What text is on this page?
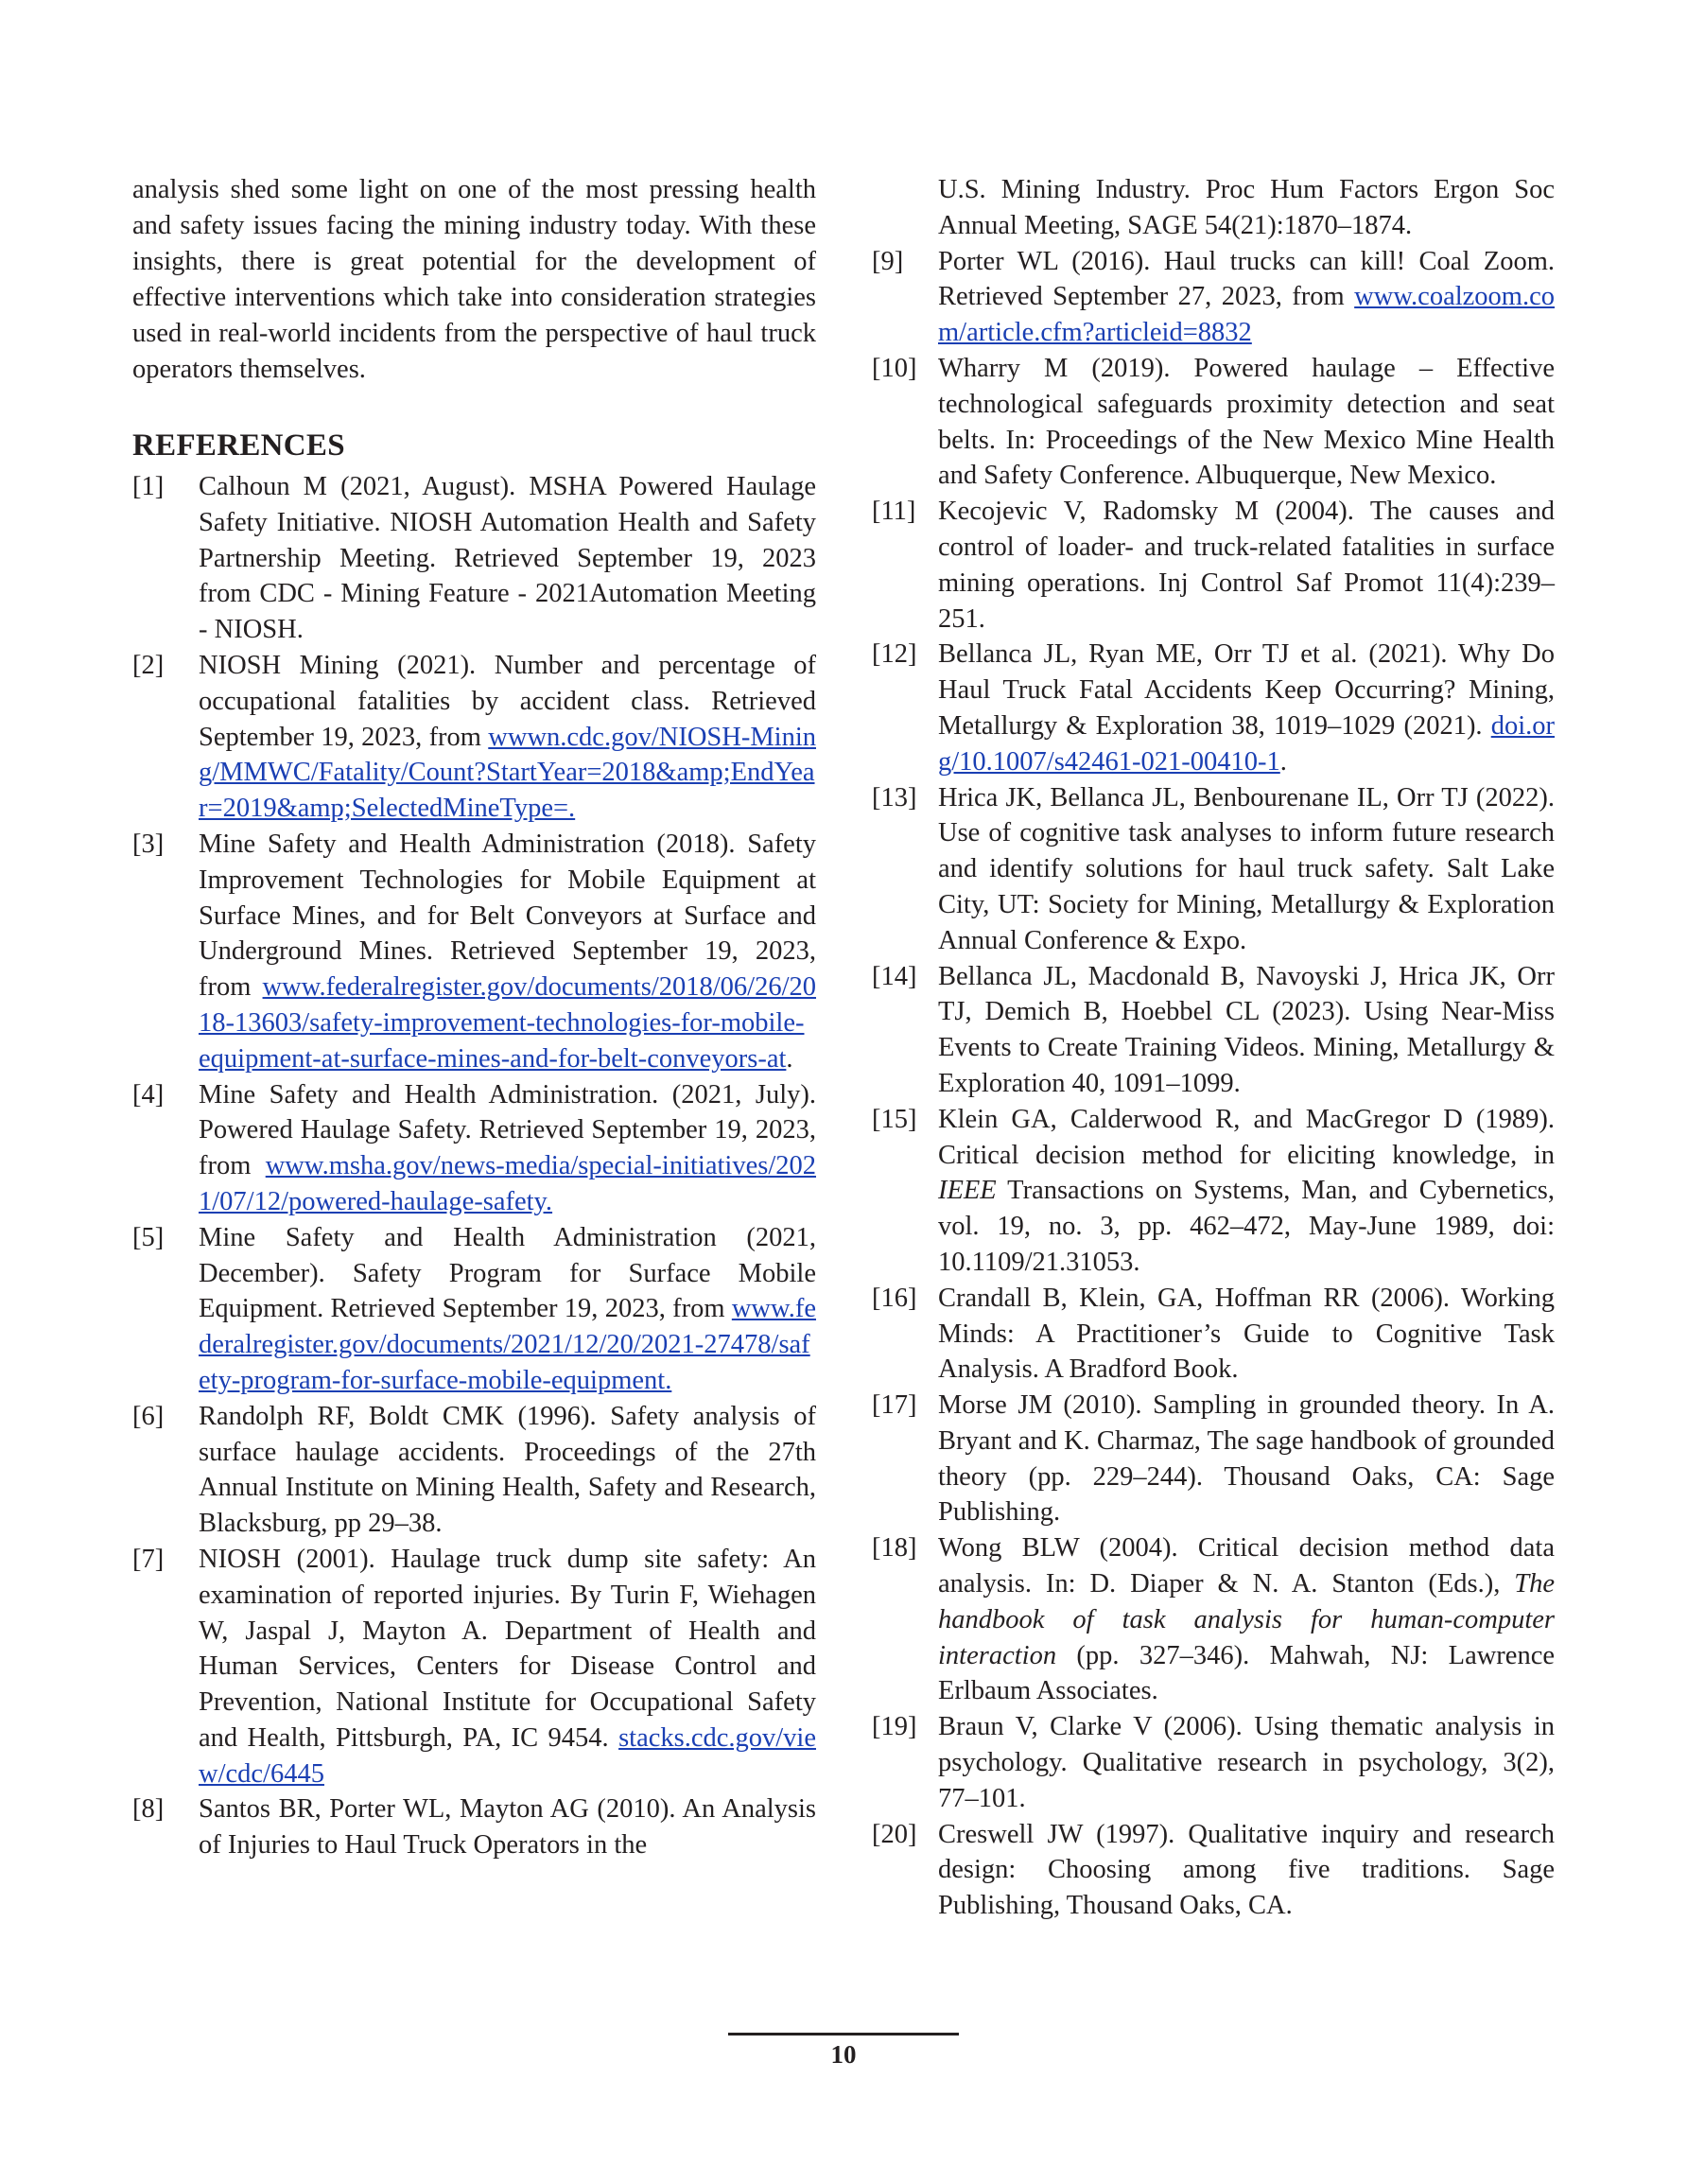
analysis shed some light on one of the most pressing health and safety issues facing the mining industry today. With these insights, there is great potential for the development of effective interventions which take into consideration strategies used in real-world incidents from the perspective of haul truck operators themselves.

REFERENCES
[1]	Calhoun M (2021, August). MSHA Powered Haulage Safety Initiative. NIOSH Automation Health and Safety Partnership Meeting. Retrieved September 19, 2023 from CDC - Mining Feature - 2021Automation Meeting - NIOSH.
[2]	NIOSH Mining (2021). Number and percentage of occupational fatalities by accident class. Retrieved September 19, 2023, from wwwn.cdc.gov/NIOSH-Mining/MMWC/Fatality/Count?StartYear=2018&amp;EndYear=2019&amp;SelectedMineType=.
[3]	Mine Safety and Health Administration (2018). Safety Improvement Technologies for Mobile Equipment at Surface Mines, and for Belt Conveyors at Surface and Underground Mines. Retrieved September 19, 2023, from www.federalregister.gov/documents/2018/06/26/2018-13603/safety-improvement-technologies-for-mobile-equipment-at-surface-mines-and-for-belt-conveyors-at.
[4]	Mine Safety and Health Administration. (2021, July). Powered Haulage Safety. Retrieved September 19, 2023, from www.msha.gov/news-media/special-initiatives/2021/07/12/powered-haulage-safety.
[5]	Mine Safety and Health Administration (2021, December). Safety Program for Surface Mobile Equipment. Retrieved September 19, 2023, from www.federalregister.gov/documents/2021/12/20/2021-27478/safety-program-for-surface-mobile-equipment.
[6]	Randolph RF, Boldt CMK (1996). Safety analysis of surface haulage accidents. Proceedings of the 27th Annual Institute on Mining Health, Safety and Research, Blacksburg, pp 29–38.
[7]	NIOSH (2001). Haulage truck dump site safety: An examination of reported injuries. By Turin F, Wiehagen W, Jaspal J, Mayton A. Department of Health and Human Services, Centers for Disease Control and Prevention, National Institute for Occupational Safety and Health, Pittsburgh, PA, IC 9454. stacks.cdc.gov/view/cdc/6445
[8]	Santos BR, Porter WL, Mayton AG (2010). An Analysis of Injuries to Haul Truck Operators in the
U.S. Mining Industry. Proc Hum Factors Ergon Soc Annual Meeting, SAGE 54(21):1870–1874.
[9]	Porter WL (2016). Haul trucks can kill! Coal Zoom. Retrieved September 27, 2023, from www.coalzoom.com/article.cfm?articleid=8832
[10] Wharry M (2019). Powered haulage – Effective technological safeguards proximity detection and seat belts. In: Proceedings of the New Mexico Mine Health and Safety Conference. Albuquerque, New Mexico.
[11] Kecojevic V, Radomsky M (2004). The causes and control of loader- and truck-related fatalities in surface mining operations. Inj Control Saf Promot 11(4):239–251.
[12] Bellanca JL, Ryan ME, Orr TJ et al. (2021). Why Do Haul Truck Fatal Accidents Keep Occurring? Mining, Metallurgy & Exploration 38, 1019–1029 (2021). doi.org/10.1007/s42461-021-00410-1.
[13] Hrica JK, Bellanca JL, Benbourenane IL, Orr TJ (2022). Use of cognitive task analyses to inform future research and identify solutions for haul truck safety. Salt Lake City, UT: Society for Mining, Metallurgy & Exploration Annual Conference & Expo.
[14] Bellanca JL, Macdonald B, Navoyski J, Hrica JK, Orr TJ, Demich B, Hoebbel CL (2023). Using Near-Miss Events to Create Training Videos. Mining, Metallurgy & Exploration 40, 1091–1099.
[15] Klein GA, Calderwood R, and MacGregor D (1989). Critical decision method for eliciting knowledge, in IEEE Transactions on Systems, Man, and Cybernetics, vol. 19, no. 3, pp. 462–472, May-June 1989, doi: 10.1109/21.31053.
[16] Crandall B, Klein, GA, Hoffman RR (2006). Working Minds: A Practitioner’s Guide to Cognitive Task Analysis. A Bradford Book.
[17] Morse JM (2010). Sampling in grounded theory. In A. Bryant and K. Charmaz, The sage handbook of grounded theory (pp. 229–244). Thousand Oaks, CA: Sage Publishing.
[18] Wong BLW (2004). Critical decision method data analysis. In: D. Diaper & N. A. Stanton (Eds.), The handbook of task analysis for human-computer interaction (pp. 327–346). Mahwah, NJ: Lawrence Erlbaum Associates.
[19] Braun V, Clarke V (2006). Using thematic analysis in psychology. Qualitative research in psychology, 3(2), 77–101.
[20] Creswell JW (1997). Qualitative inquiry and research design: Choosing among five traditions. Sage Publishing, Thousand Oaks, CA.
10
